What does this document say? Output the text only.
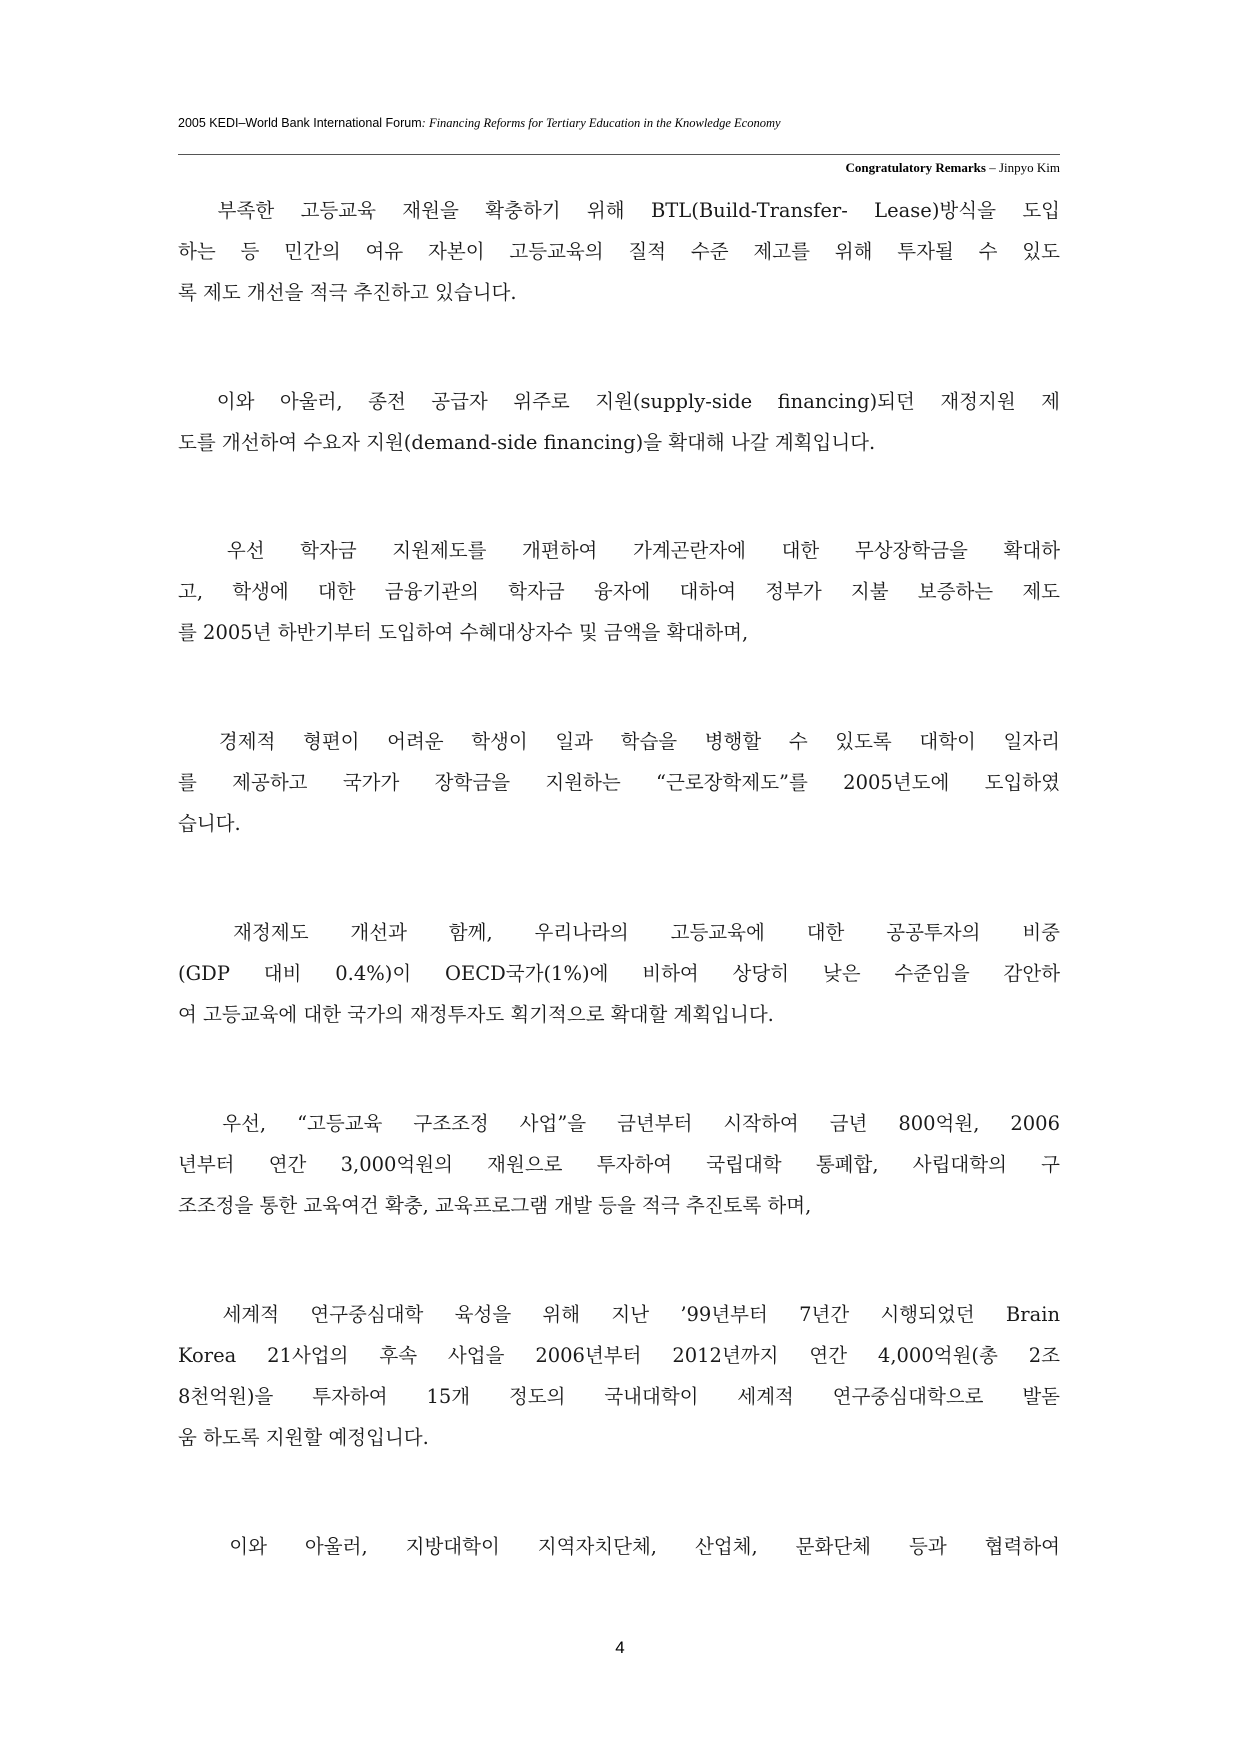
2005 KEDI–World Bank International Forum: Financing Reforms for Tertiary Education in the Knowledge Economy
Congratulatory Remarks – Jinpyo Kim
　부족한 고등교육 재원을 확충하기 위해 BTL(Build-Transfer- Lease)방식을 도입
하는 등 민간의 여유 자본이 고등교육의 질적 수준 제고를 위해 투자될 수 있도
록 제도 개선을 적극 추진하고 있습니다.
　이와 아울러, 종전 공급자 위주로 지원(supply-side financing)되던 재정지원 제
도를 개선하여 수요자 지원(demand-side financing)을 확대해 나갈 계획입니다.
　우선 학자금 지원제도를 개편하여 가계곤란자에 대한 무상장학금을 확대하
고, 학생에 대한 금융기관의 학자금 융자에 대하여 정부가 지불 보증하는 제도
를 2005년 하반기부터 도입하여 수혜대상자수 및 금액을 확대하며,
　경제적 형편이 어려운 학생이 일과 학습을 병행할 수 있도록 대학이 일자리
를 제공하고 국가가 장학금을 지원하는 “근로장학제도”를 2005년도에 도입하였
습니다.
　재정제도 개선과 함께, 우리나라의 고등교육에 대한 공공투자의 비중
(GDP 대비 0.4%)이 OECD국가(1%)에 비하여 상당히 낮은 수준임을 감안하
여 고등교육에 대한 국가의 재정투자도 획기적으로 확대할 계획입니다.
　우선, “고등교육 구조조정 사업”을 금년부터 시작하여 금년 800억원, 2006
년부터 연간 3,000억원의 재원으로 투자하여 국립대학 통폐합, 사립대학의 구
조조정을 통한 교육여건 확충, 교육프로그램 개발 등을 적극 추진토록 하며,
　세계적 연구중심대학 육성을 위해 지난 ’99년부터 7년간 시행되었던 Brain
Korea 21사업의 후속 사업을 2006년부터 2012년까지 연간 4,000억원(총 2조
8천억원)을 투자하여 15개 정도의 국내대학이 세계적 연구중심대학으로 발돋
움 하도록 지원할 예정입니다.
　이와 아울러, 지방대학이 지역자치단체, 산업체, 문화단체 등과 협력하여
4
